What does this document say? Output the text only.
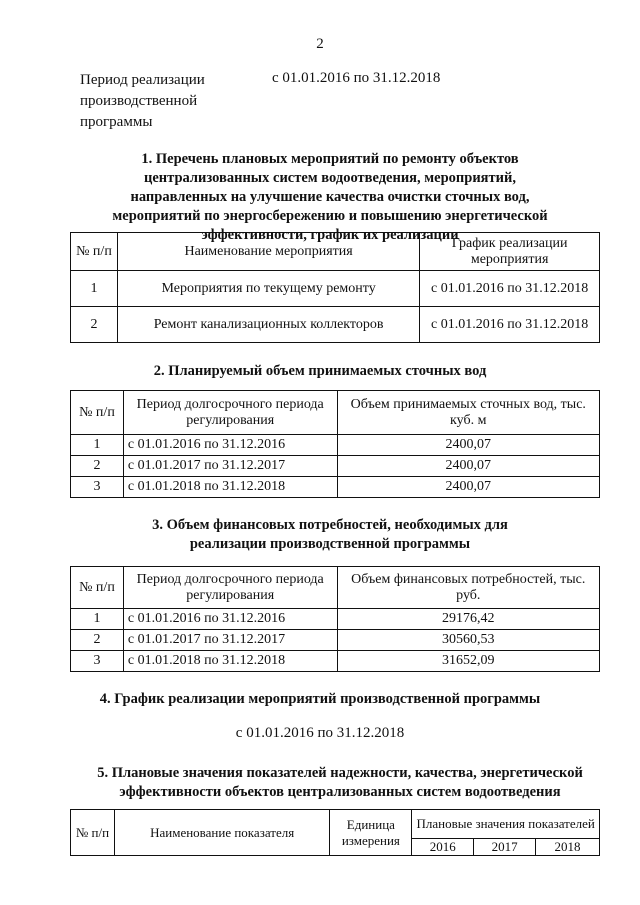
2
Период реализации производственной программы
с 01.01.2016 по 31.12.2018
1. Перечень плановых мероприятий по ремонту объектов централизованных систем водоотведения, мероприятий, направленных на улучшение качества очистки сточных вод, мероприятий по энергосбережению и повышению энергетической эффективности, график их реализации
№ п/п	Наименование мероприятия	График реализации мероприятия
1	Мероприятия по текущему ремонту	с 01.01.2016 по 31.12.2018
2	Ремонт канализационных коллекторов	с 01.01.2016 по 31.12.2018
2. Планируемый объем принимаемых сточных вод
№ п/п	Период долгосрочного периода регулирования	Объем принимаемых сточных вод, тыс. куб. м
1	с 01.01.2016 по 31.12.2016	2400,07
2	с 01.01.2017 по 31.12.2017	2400,07
3	с 01.01.2018 по 31.12.2018	2400,07
3. Объем финансовых потребностей, необходимых для реализации производственной программы
№ п/п	Период долгосрочного периода регулирования	Объем финансовых потребностей, тыс. руб.
1	с 01.01.2016 по 31.12.2016	29176,42
2	с 01.01.2017 по 31.12.2017	30560,53
3	с 01.01.2018 по 31.12.2018	31652,09
4. График реализации мероприятий производственной программы
с 01.01.2016 по 31.12.2018
5. Плановые значения показателей надежности, качества, энергетической эффективности объектов централизованных систем водоотведения
№ п/п	Наименование показателя	Единица измерения	Плановые значения показателей		
			2016	2017	2018
